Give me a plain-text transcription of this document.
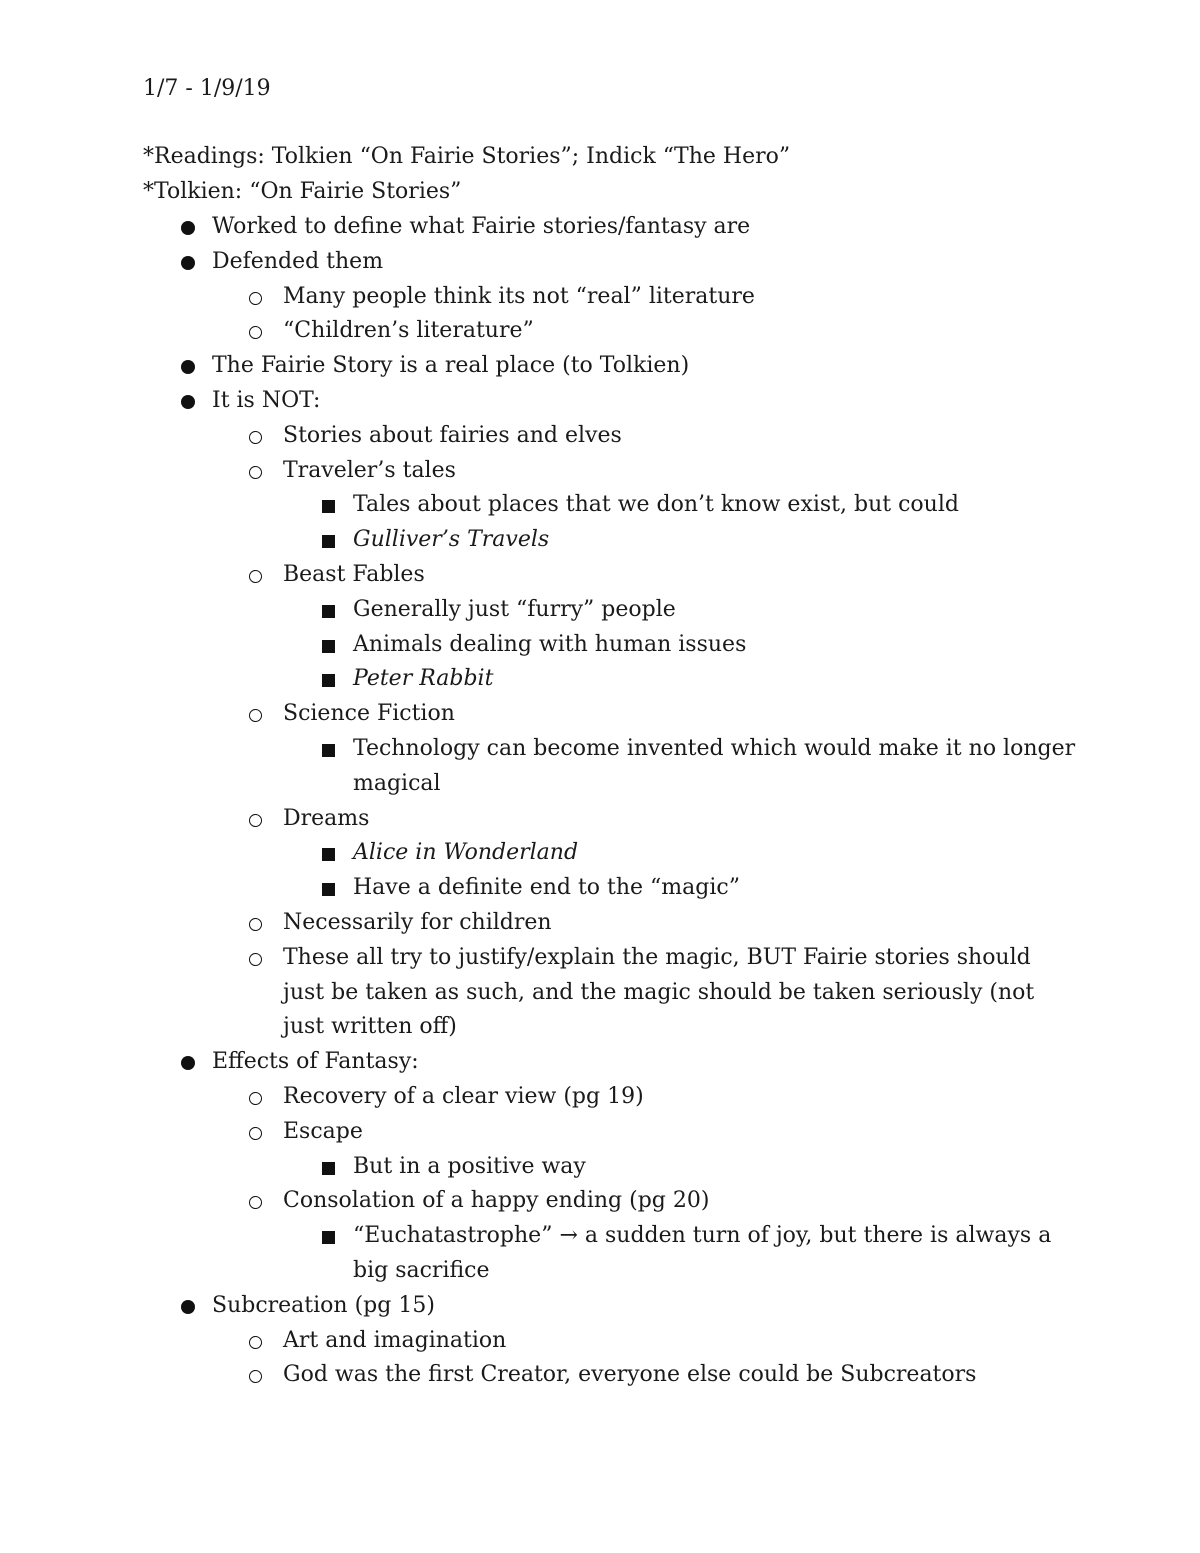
1/7 - 1/9/19
*Readings: Tolkien “On Fairie Stories”; Indick “The Hero”
*Tolkien: “On Fairie Stories”
Worked to define what Fairie stories/fantasy are
Defended them
Many people think its not “real” literature
“Children’s literature”
The Fairie Story is a real place (to Tolkien)
It is NOT:
Stories about fairies and elves
Traveler’s tales
Tales about places that we don’t know exist, but could
Gulliver’s Travels
Beast Fables
Generally just “furry” people
Animals dealing with human issues
Peter Rabbit
Science Fiction
Technology can become invented which would make it no longer magical
Dreams
Alice in Wonderland
Have a definite end to the “magic”
Necessarily for children
These all try to justify/explain the magic, BUT Fairie stories should just be taken as such, and the magic should be taken seriously (not just written off)
Effects of Fantasy:
Recovery of a clear view (pg 19)
Escape
But in a positive way
Consolation of a happy ending (pg 20)
“Euchatastrophe” → a sudden turn of joy, but there is always a big sacrifice
Subcreation (pg 15)
Art and imagination
God was the first Creator, everyone else could be Subcreators
